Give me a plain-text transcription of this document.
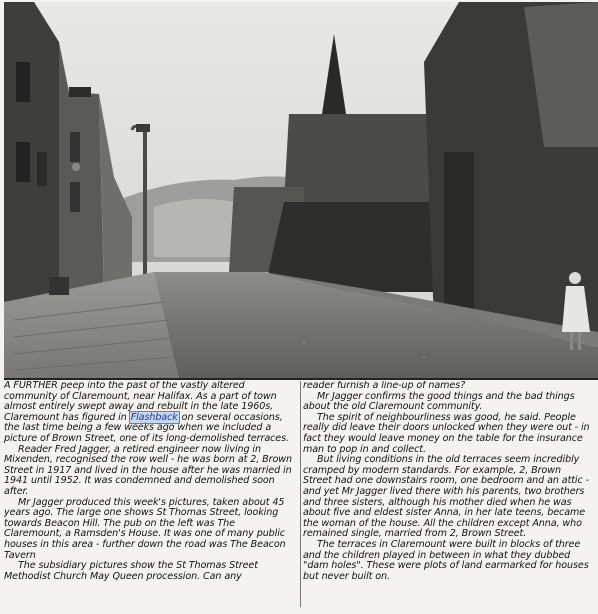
A FURTHER peep into the past of the vastly altered community of Claremount, near Halifax. As a part of town almost entirely swept away and rebuilt in the late 1960s, Claremount has figured in Flashback on several occasions, the last time being a few weeks ago when we included a picture of Brown Street, one of its long-demolished terraces.

Reader Fred Jagger, a retired engineer now living in Mixenden, recognised the row well - he was born at 2, Brown Street in 1917 and lived in the house after he was married in 1941 until 1952. It was condemned and demolished soon after.

Mr Jagger produced this week's pictures, taken about 45 years ago. The large one shows St Thomas Street, looking towards Beacon Hill. The pub on the left was The Claremount, a Ramsden's House. It was one of many public houses in this area - further down the road was The Beacon Tavern

The subsidiary pictures show the St Thomas Street Methodist Church May Queen procession. Can any

reader furnish a line-up of names?

Mr Jagger confirms the good things and the bad things about the old Claremount community.

The spirit of neighbourliness was good, he said. People really did leave their doors unlocked when they were out - in fact they would leave money on the table for the insurance man to pop in and collect.

But living conditions in the old terraces seem incredibly cramped by modern standards. For example, 2, Brown Street had one downstairs room, one bedroom and an attic - and yet Mr Jagger lived there with his parents, two brothers and three sisters, although his mother died when he was about five and eldest sister Anna, in her late teens, became the woman of the house. All the children except Anna, who remained single, married from 2, Brown Street.

The terraces in Claremount were built in blocks of three and the children played in between in what they dubbed "dam holes". These were plots of land earmarked for houses but never built on.
